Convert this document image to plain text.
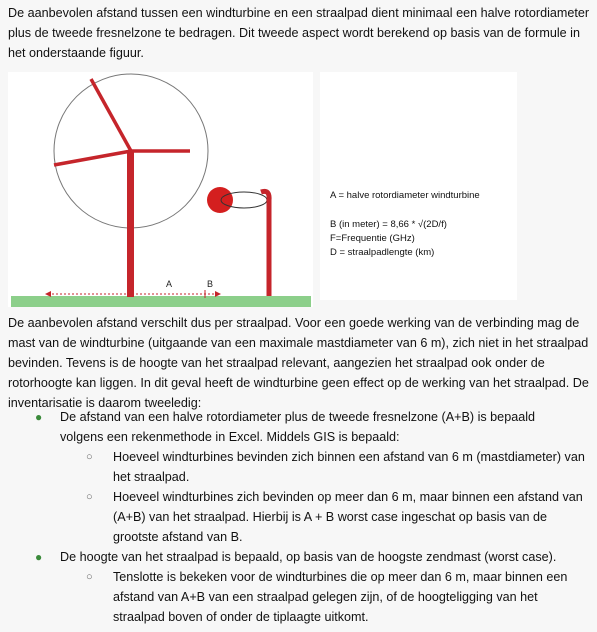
De aanbevolen afstand tussen een windturbine en een straalpad dient minimaal een halve rotordiameter plus de tweede fresnelzone te bedragen. Dit tweede aspect wordt berekend op basis van de formule in het onderstaande figuur.

A	B
A = halve rotordiameter windturbine
B (in meter) = 8,66 * √(2D/f)
F=Frequentie (GHz)
D = straalpadlengte (km)

De aanbevolen afstand verschilt dus per straalpad. Voor een goede werking van de verbinding mag de mast van de windturbine (uitgaande van een maximale mastdiameter van 6 m), zich niet in het straalpad bevinden. Tevens is de hoogte van het straalpad relevant, aangezien het straalpad ook onder de rotorhoogte kan liggen. In dit geval heeft de windturbine geen effect op de werking van het straalpad. De inventarisatie is daarom tweeledig:

● De afstand van een halve rotordiameter plus de tweede fresnelzone (A+B) is bepaald volgens een rekenmethode in Excel. Middels GIS is bepaald:
○ Hoeveel windturbines bevinden zich binnen een afstand van 6 m (mastdiameter) van het straalpad.
○ Hoeveel windturbines zich bevinden op meer dan 6 m, maar binnen een afstand van (A+B) van het straalpad. Hierbij is A + B worst case ingeschat op basis van de grootste afstand van B.
● De hoogte van het straalpad is bepaald, op basis van de hoogste zendmast (worst case).
○ Tenslotte is bekeken voor de windturbines die op meer dan 6 m, maar binnen een afstand van A+B van een straalpad gelegen zijn, of de hoogteligging van het straalpad boven of onder de tiplaagte uitkomt.
